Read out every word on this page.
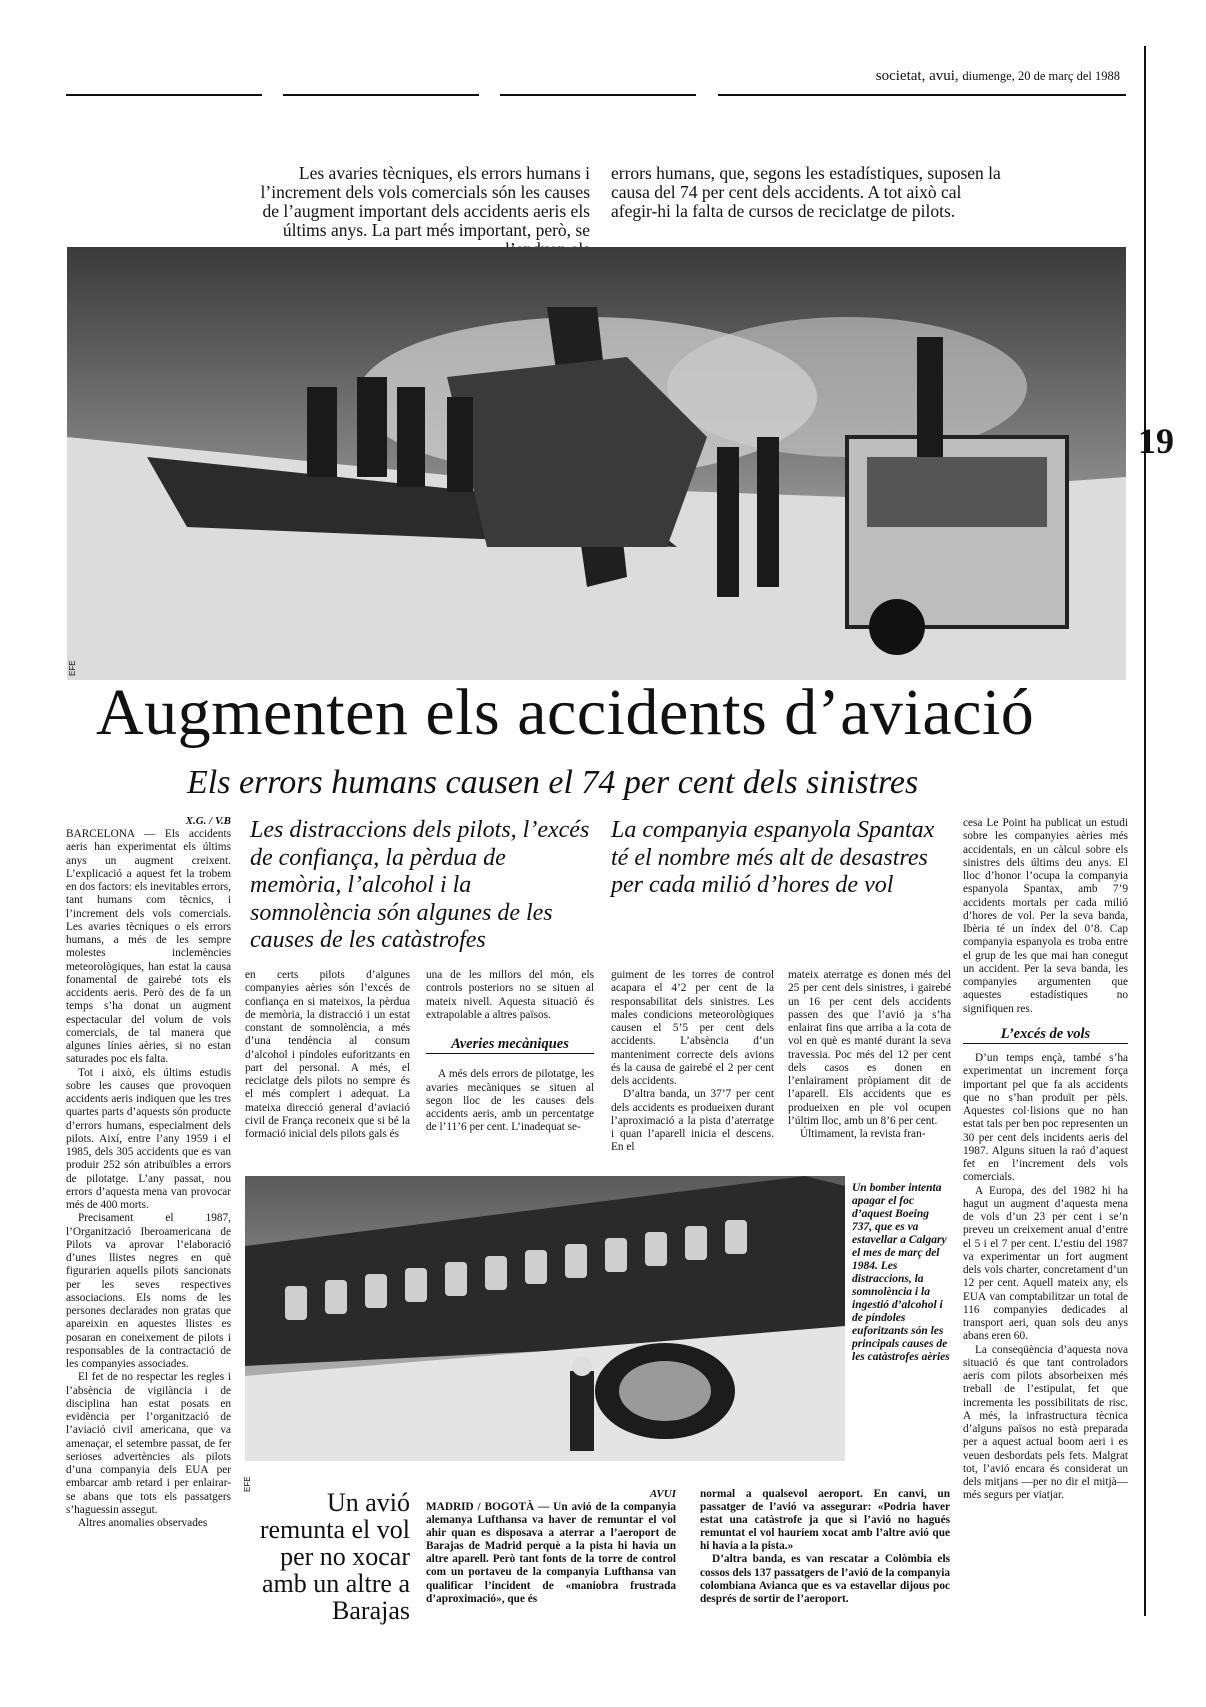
societat, avui, diumenge, 20 de març del 1988
19
Les avaries tècniques, els errors humans i l’increment dels vols comercials són les causes de l’augment important dels accidents aeris els últims anys. La part més important, però, se
errors humans, que, segons les estadístiques, suposen la causa del 74 per cent dels accidents. A tot això cal afegir-hi la falta de cursos de reciclatge de pilots.
EFE
Augmenten els accidents d’aviació
Els errors humans causen el 74 per cent dels sinistres
X.G. / V.B

BARCELONA — Els accidents aeris han experimentat els últims anys un augment creixent. L’explicació a aquest fet la trobem en dos factors: els inevitables errors, tant humans com tècnics, i l’increment dels vols comercials. Les avaries tècniques o els errors humans, a més de les sempre molestes inclemències meteorològiques, han estat la causa fonamental de gairebé tots els accidents aeris. Però des de fa un temps s’ha donat un augment espectacular del volum de vols comercials, de tal manera que algunes línies aèries, si no estan saturades poc els falta.

Tot i això, els últims estudis sobre les causes que provoquen accidents aeris indiquen que les tres quartes parts d’aquests són producte d’errors humans, especialment dels pilots. Així, entre l’any 1959 i el 1985, dels 305 accidents que es van produir 252 són atribuïbles a errors de pilotatge. L’any passat, nou errors d’aquesta mena van provocar més de 400 morts.

Precisament el 1987, l’Organització Iberoamericana de Pilots va aprovar l’elaboració d’unes llistes negres en què figurarien aquells pilots sancionats per les seves respectives associacions. Els noms de les persones declarades non gratas que apareixin en aquestes llistes es posaran en coneixement de pilots i responsables de la contractació de les companyies associades.

El fet de no respectar les regles i l’absència de vigilància i de disciplina han estat posats en evidència per l’organització de l’aviació civil americana, que va amenaçar, el setembre passat, de fer serioses advertències als pilots d’una companyia dels EUA per embarcar amb retard i per enlairar-se abans que tots els passatgers s’haguessin assegut.

Altres anomalies observades

Les distraccions dels pilots, l’excés de confiança, la pèrdua de memòria, l’alcohol i la somnolència són algunes de les causes de les catàstrofes
La companyia espanyola Spantax té el nombre més alt de desastres per cada milió d’hores de vol

en certs pilots d’algunes companyies aèries són l’excés de confiança en si mateixos, la pèrdua de memòria, la distracció i un estat constant de somnolència, a més d’una tendència al consum d’alcohol i píndoles euforitzants en part del personal. A més, el reciclatge dels pilots no sempre és el més complert i adequat. La mateixa direcció general d’aviació civil de França reconeix que si bé la formació inicial dels pilots gals és

una de les millors del món, els controls posteriors no se situen al mateix nivell. Aquesta situació és extrapolable a altres països.

Averies mecàniques

A més dels errors de pilotatge, les avaries mecàniques se situen al segon lloc de les causes dels accidents aeris, amb un percentatge de l’11’6 per cent. L’inadequat se-

guiment de les torres de control acapara el 4’2 per cent de la responsabilitat dels sinistres. Les males condicions meteorològiques causen el 5’5 per cent dels accidents. L’absència d’un manteniment correcte dels avions és la causa de gairebé el 2 per cent dels accidents.

D’altra banda, un 37’7 per cent dels accidents es produeixen durant l’aproximació a la pista d’aterratge i quan l’aparell inicia el descens. En el

mateix aterratge es donen més del 25 per cent dels sinistres, i gairebé un 16 per cent dels accidents passen des que l’avió ja s’ha enlairat fins que arriba a la cota de vol en què es manté durant la seva travessia. Poc més del 12 per cent dels casos es donen en l’enlairament pròpiament dit de l’aparell. Els accidents que es produeixen en ple vol ocupen l’últim lloc, amb un 8’6 per cent.

Últimament, la revista fran-

cesa Le Point ha publicat un estudi sobre les companyies aèries més accidentals, en un càlcul sobre els sinistres dels últims deu anys. El lloc d’honor l’ocupa la companyia espanyola Spantax, amb 7’9 accidents mortals per cada milió d’hores de vol. Per la seva banda, Ibèria té un índex del 0’8. Cap companyia espanyola es troba entre el grup de les que mai han conegut un accident. Per la seva banda, les companyies argumenten que aquestes estadístiques no signifiquen res.

L’excés de vols

D’un temps ençà, també s’ha experimentat un increment força important pel que fa als accidents que no s’han produït per pèls. Aquestes col·lisions que no han estat tals per ben poc representen un 30 per cent dels incidents aeris del 1987. Alguns situen la raó d’aquest fet en l’increment dels vols comercials.

A Europa, des del 1982 hi ha hagut un augment d’aquesta mena de vols d’un 23 per cent i se’n preveu un creixement anual d’entre el 5 i el 7 per cent. L’estiu del 1987 va experimentar un fort augment dels vols charter, concretament d’un 12 per cent. Aquell mateix any, els EUA van comptabilitzar un total de 116 companyies dedicades al transport aeri, quan sols deu anys abans eren 60.

La conseqüència d’aquesta nova situació és que tant controladors aeris com pilots absorbeixen més treball de l’estipulat, fet que incrementa les possibilitats de risc. A més, la infrastructura tècnica d’alguns països no està preparada per a aquest actual boom aeri i es veuen desbordats pels fets. Malgrat tot, l’avió encara és considerat un dels mitjans —per no dir el mitjà— més segurs per viatjar.

EFE
Un bomber intenta apagar el foc d’aquest Boeing 737, que es va estavellar a Calgary el mes de març del 1984. Les distraccions, la somnolència i la ingestió d’alcohol i de píndoles euforitzants són les principals causes de les catàstrofes aèries
Un avió remunta el vol per no xocar amb un altre a Barajas
AVUI

MADRID / BOGOTÀ — Un avió de la companyia alemanya Lufthansa va haver de remuntar el vol ahir quan es disposava a aterrar a l’aeroport de Barajas de Madrid perquè a la pista hi havia un altre aparell. Però tant fonts de la torre de control com un portaveu de la companyia Lufthansa van qualificar l’incident de «maniobra frustrada d’aproximació», que és

normal a qualsevol aeroport. En canvi, un passatger de l’avió va assegurar: «Podria haver estat una catàstrofe ja que si l’avió no hagués remuntat el vol hauríem xocat amb l’altre avió que hi havia a la pista.»

D’altra banda, es van rescatar a Colòmbia els cossos dels 137 passatgers de l’avió de la companyia colombiana Avianca que es va estavellar dijous poc després de sortir de l’aeroport.
